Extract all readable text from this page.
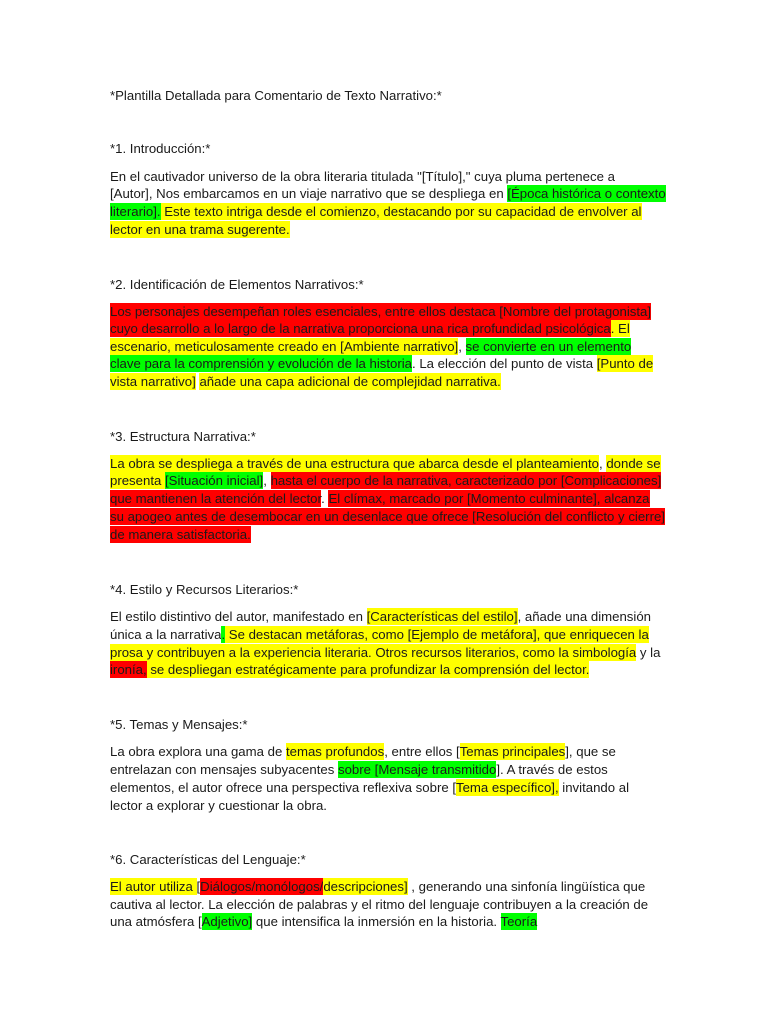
*Plantilla Detallada para Comentario de Texto Narrativo:*
*1. Introducción:*
En el cautivador universo de la obra literaria titulada "[Título]," cuya pluma pertenece a
[Autor], Nos embarcamos en un viaje narrativo que se despliega en [Época histórica o contexto
literario]. Este texto intriga desde el comienzo, destacando por su capacidad de envolver al
lector en una trama sugerente.
*2. Identificación de Elementos Narrativos:*
Los personajes desempeñan roles esenciales, entre ellos destaca [Nombre del protagonista]
cuyo desarrollo a lo largo de la narrativa proporciona una rica profundidad psicológica. El
escenario, meticulosamente creado en [Ambiente narrativo], se convierte en un elemento
clave para la comprensión y evolución de la historia. La elección del punto de vista [Punto de
vista narrativo] añade una capa adicional de complejidad narrativa.
*3. Estructura Narrativa:*
La obra se despliega a través de una estructura que abarca desde el planteamiento, donde se
presenta [Situación inicial], hasta el cuerpo de la narrativa, caracterizado por [Complicaciones]
que mantienen la atención del lector. El clímax, marcado por [Momento culminante], alcanza
su apogeo antes de desembocar en un desenlace que ofrece [Resolución del conflicto y cierre]
de manera satisfactoria.
*4. Estilo y Recursos Literarios:*
El estilo distintivo del autor, manifestado en [Características del estilo], añade una dimensión
única a la narrativa. Se destacan metáforas, como [Ejemplo de metáfora], que enriquecen la
prosa y contribuyen a la experiencia literaria. Otros recursos literarios, como la simbología y la
ironía, se despliegan estratégicamente para profundizar la comprensión del lector.
*5. Temas y Mensajes:*
La obra explora una gama de temas profundos, entre ellos [Temas principales], que se
entrelazan con mensajes subyacentes sobre [Mensaje transmitido]. A través de estos
elementos, el autor ofrece una perspectiva reflexiva sobre [Tema específico], invitando al
lector a explorar y cuestionar la obra.
*6. Características del Lenguaje:*
El autor utiliza [Diálogos/monólogos/descripciones] , generando una sinfonía lingüística que
cautiva al lector. La elección de palabras y el ritmo del lenguaje contribuyen a la creación de
una atmósfera [Adjetivo] que intensifica la inmersión en la historia. Teoría
